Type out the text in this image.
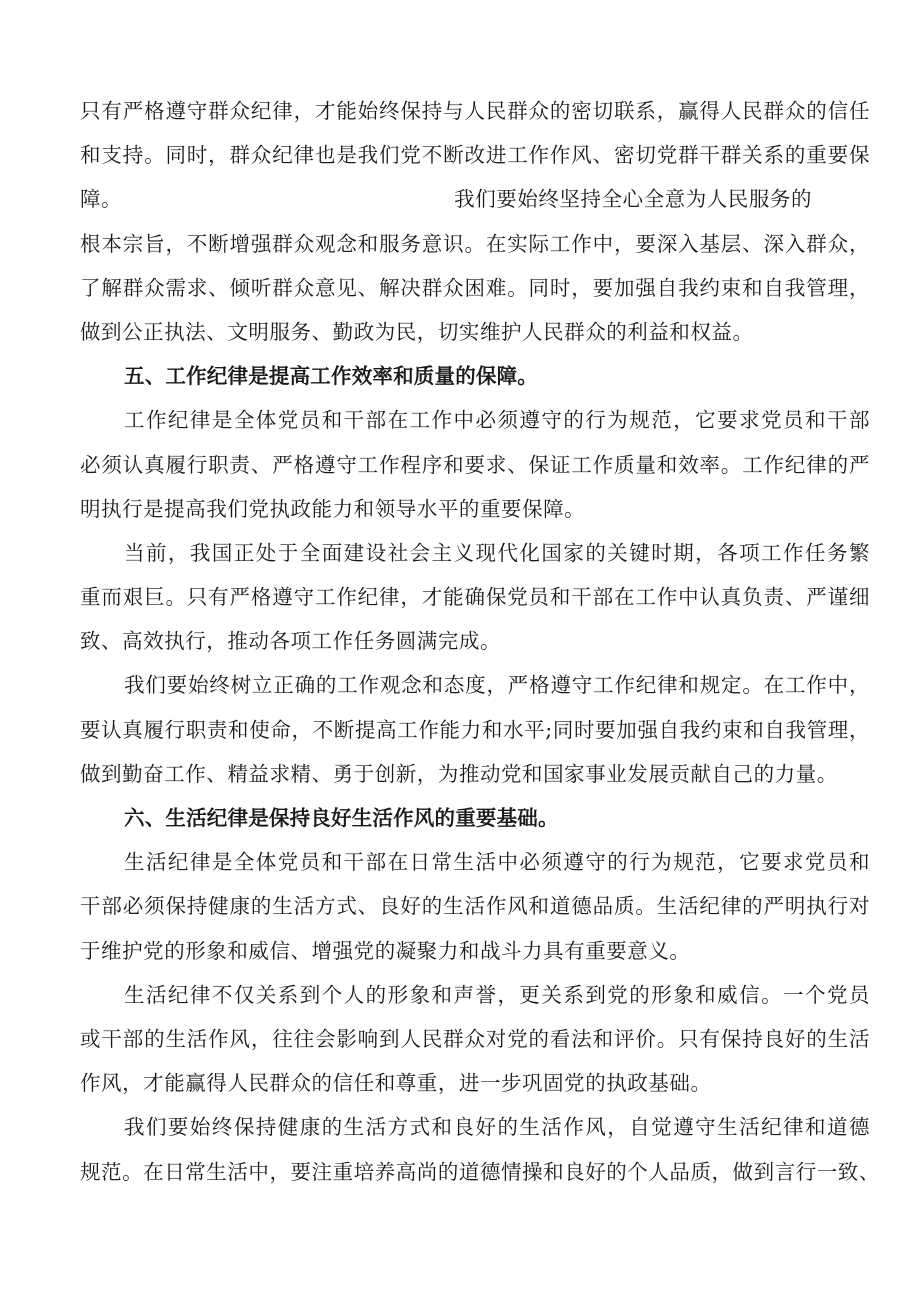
只有严格遵守群众纪律，才能始终保持与人民群众的密切联系，赢得人民群众的信任
和支持。同时，群众纪律也是我们党不断改进工作作风、密切党群干群关系的重要保
障。	我们要始终坚持全心全意为人民服务的
根本宗旨，不断增强群众观念和服务意识。在实际工作中，要深入基层、深入群众，
了解群众需求、倾听群众意见、解决群众困难。同时，要加强自我约束和自我管理，
做到公正执法、文明服务、勤政为民，切实维护人民群众的利益和权益。
五、工作纪律是提高工作效率和质量的保障。
工作纪律是全体党员和干部在工作中必须遵守的行为规范，它要求党员和干部
必须认真履行职责、严格遵守工作程序和要求、保证工作质量和效率。工作纪律的严
明执行是提高我们党执政能力和领导水平的重要保障。
当前，我国正处于全面建设社会主义现代化国家的关键时期，各项工作任务繁
重而艰巨。只有严格遵守工作纪律，才能确保党员和干部在工作中认真负责、严谨细
致、高效执行，推动各项工作任务圆满完成。
我们要始终树立正确的工作观念和态度，严格遵守工作纪律和规定。在工作中，
要认真履行职责和使命，不断提高工作能力和水平;同时要加强自我约束和自我管理，
做到勤奋工作、精益求精、勇于创新，为推动党和国家事业发展贡献自己的力量。
六、生活纪律是保持良好生活作风的重要基础。
生活纪律是全体党员和干部在日常生活中必须遵守的行为规范，它要求党员和
干部必须保持健康的生活方式、良好的生活作风和道德品质。生活纪律的严明执行对
于维护党的形象和威信、增强党的凝聚力和战斗力具有重要意义。
生活纪律不仅关系到个人的形象和声誉，更关系到党的形象和威信。一个党员
或干部的生活作风，往往会影响到人民群众对党的看法和评价。只有保持良好的生活
作风，才能赢得人民群众的信任和尊重，进一步巩固党的执政基础。
我们要始终保持健康的生活方式和良好的生活作风，自觉遵守生活纪律和道德
规范。在日常生活中，要注重培养高尚的道德情操和良好的个人品质，做到言行一致、
